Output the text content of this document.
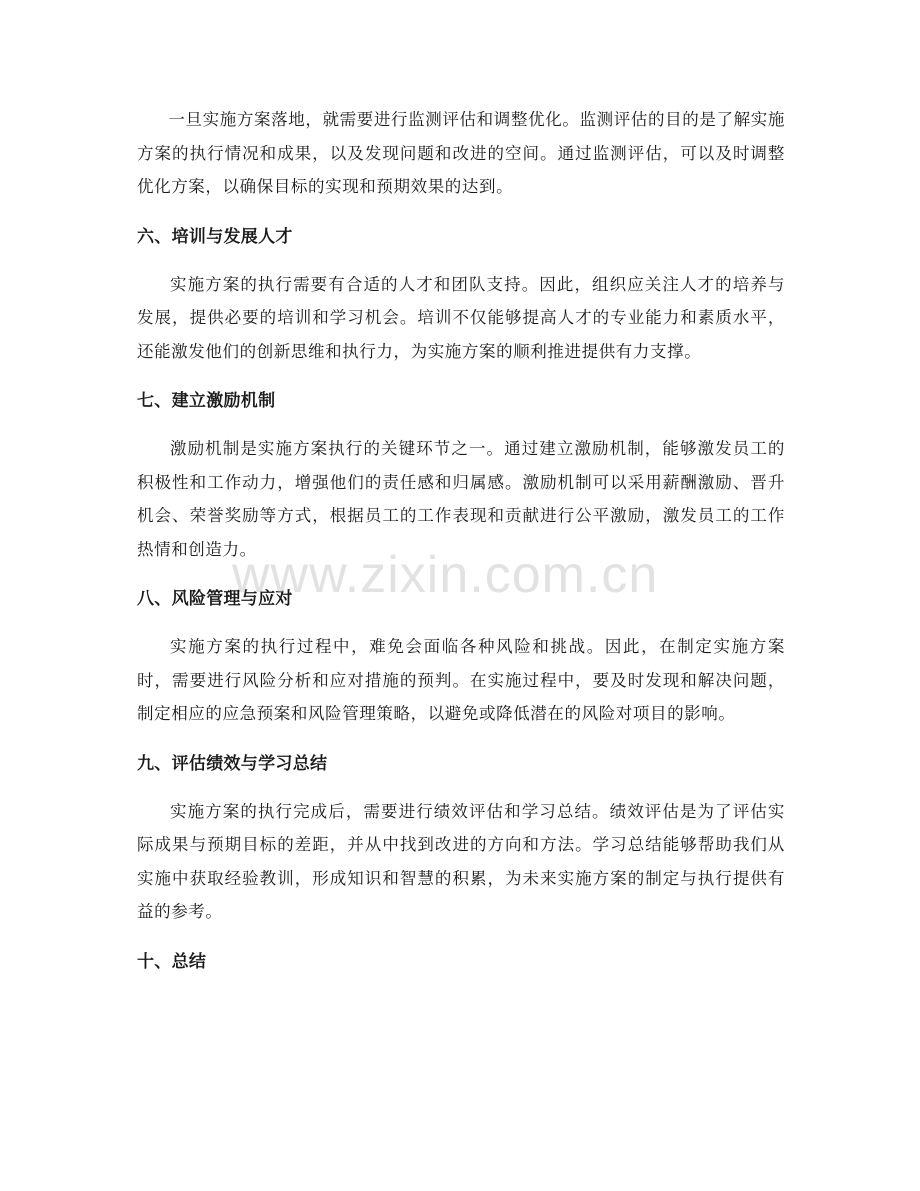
一旦实施方案落地，就需要进行监测评估和调整优化。监测评估的目的是了解实施方案的执行情况和成果，以及发现问题和改进的空间。通过监测评估，可以及时调整优化方案，以确保目标的实现和预期效果的达到。

六、培训与发展人才

实施方案的执行需要有合适的人才和团队支持。因此，组织应关注人才的培养与发展，提供必要的培训和学习机会。培训不仅能够提高人才的专业能力和素质水平，还能激发他们的创新思维和执行力，为实施方案的顺利推进提供有力支撑。

七、建立激励机制

激励机制是实施方案执行的关键环节之一。通过建立激励机制，能够激发员工的积极性和工作动力，增强他们的责任感和归属感。激励机制可以采用薪酬激励、晋升机会、荣誉奖励等方式，根据员工的工作表现和贡献进行公平激励，激发员工的工作热情和创造力。

八、风险管理与应对

实施方案的执行过程中，难免会面临各种风险和挑战。因此，在制定实施方案时，需要进行风险分析和应对措施的预判。在实施过程中，要及时发现和解决问题，制定相应的应急预案和风险管理策略，以避免或降低潜在的风险对项目的影响。

九、评估绩效与学习总结

实施方案的执行完成后，需要进行绩效评估和学习总结。绩效评估是为了评估实际成果与预期目标的差距，并从中找到改进的方向和方法。学习总结能够帮助我们从实施中获取经验教训，形成知识和智慧的积累，为未来实施方案的制定与执行提供有益的参考。

十、总结
www.zixin.com.cn
